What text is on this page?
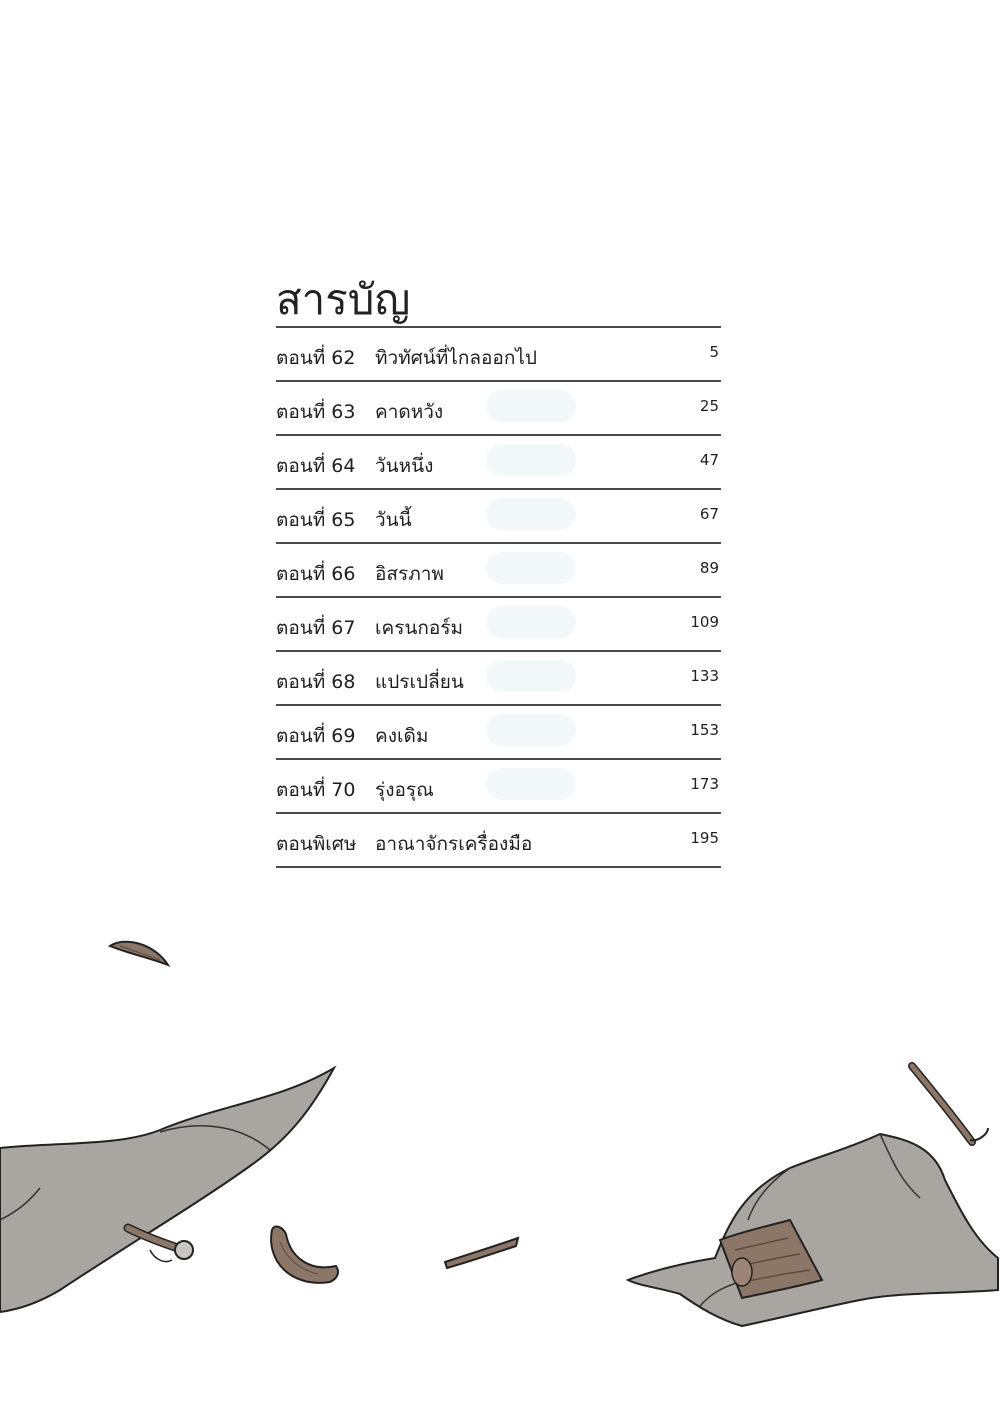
สารบัญ
ตอนที่ 62 ทิวทัศน์ที่ไกลออกไป	5
ตอนที่ 63 คาดหวัง	25
ตอนที่ 64 วันหนึ่ง	47
ตอนที่ 65 วันนี้	67
ตอนที่ 66 อิสรภาพ	89
ตอนที่ 67 เครนกอร์ม	109
ตอนที่ 68 แปรเปลี่ยน	133
ตอนที่ 69 คงเดิม	153
ตอนที่ 70 รุ่งอรุณ	173
ตอนพิเศษ อาณาจักรเครื่องมือ	195
